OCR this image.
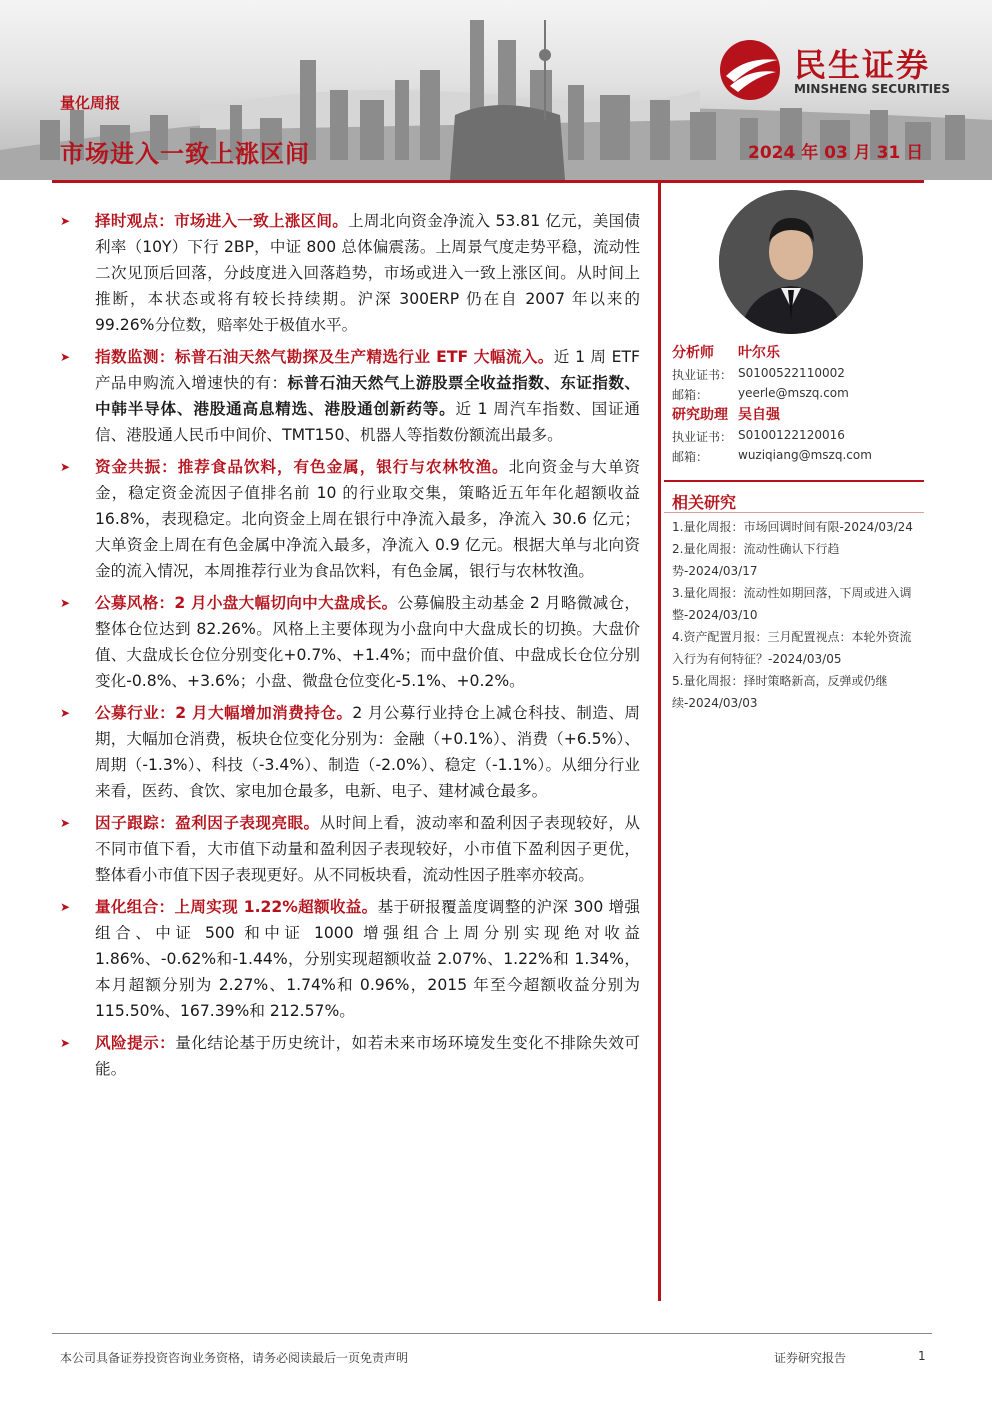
量化周报
市场进入一致上涨区间	2024 年 03 月 31 日
民生证券
MINSHENG SECURITIES
➤ 择时观点：市场进入一致上涨区间。上周北向资金净流入 53.81 亿元，美国债利率（10Y）下行 2BP，中证 800 总体偏震荡。上周景气度走势平稳，流动性二次见顶后回落，分歧度进入回落趋势，市场或进入一致上涨区间。从时间上推断，本状态或将有较长持续期。沪深 300ERP 仍在自 2007 年以来的 99.26%分位数，赔率处于极值水平。
➤ 指数监测：标普石油天然气勘探及生产精选行业 ETF 大幅流入。近 1 周 ETF 产品申购流入增速快的有：标普石油天然气上游股票全收益指数、东证指数、中韩半导体、港股通高息精选、港股通创新药等。近 1 周汽车指数、国证通信、港股通人民币中间价、TMT150、机器人等指数份额流出最多。
➤ 资金共振：推荐食品饮料，有色金属，银行与农林牧渔。北向资金与大单资金，稳定资金流因子值排名前 10 的行业取交集，策略近五年年化超额收益 16.8%，表现稳定。北向资金上周在银行中净流入最多，净流入 30.6 亿元；大单资金上周在有色金属中净流入最多，净流入 0.9 亿元。根据大单与北向资金的流入情况，本周推荐行业为食品饮料，有色金属，银行与农林牧渔。
➤ 公募风格：2 月小盘大幅切向中大盘成长。公募偏股主动基金 2 月略微减仓，整体仓位达到 82.26%。风格上主要体现为小盘向中大盘成长的切换。大盘价值、大盘成长仓位分别变化+0.7%、+1.4%；而中盘价值、中盘成长仓位分别变化-0.8%、+3.6%；小盘、微盘仓位变化-5.1%、+0.2%。
➤ 公募行业：2 月大幅增加消费持仓。2 月公募行业持仓上减仓科技、制造、周期，大幅加仓消费，板块仓位变化分别为：金融（+0.1%）、消费（+6.5%）、周期（-1.3%）、科技（-3.4%）、制造（-2.0%）、稳定（-1.1%）。从细分行业来看，医药、食饮、家电加仓最多，电新、电子、建材减仓最多。
➤ 因子跟踪：盈利因子表现亮眼。从时间上看，波动率和盈利因子表现较好，从不同市值下看，大市值下动量和盈利因子表现较好，小市值下盈利因子更优，整体看小市值下因子表现更好。从不同板块看，流动性因子胜率亦较高。
➤ 量化组合：上周实现 1.22%超额收益。基于研报覆盖度调整的沪深 300 增强组合、中证 500 和中证 1000 增强组合上周分别实现绝对收益 1.86%、-0.62%和-1.44%，分别实现超额收益 2.07%、1.22%和 1.34%，本月超额分别为 2.27%、1.74%和 0.96%，2015 年至今超额收益分别为 115.50%、167.39%和 212.57%。
➤ 风险提示：量化结论基于历史统计，如若未来市场环境发生变化不排除失效可能。
分析师 叶尔乐
执业证书： S0100522110002
邮箱： yeerle@mszq.com
研究助理 吴自强
执业证书： S0100122120016
邮箱： wuziqiang@mszq.com
相关研究
1.量化周报：市场回调时间有限-2024/03/24
2.量化周报：流动性确认下行趋势-2024/03/17
3.量化周报：流动性如期回落，下周或进入调整-2024/03/10
4.资产配置月报：三月配置视点：本轮外资流入行为有何特征？-2024/03/05
5.量化周报：择时策略新高，反弹或仍继续-2024/03/03
本公司具备证券投资咨询业务资格，请务必阅读最后一页免责声明	证券研究报告	1
